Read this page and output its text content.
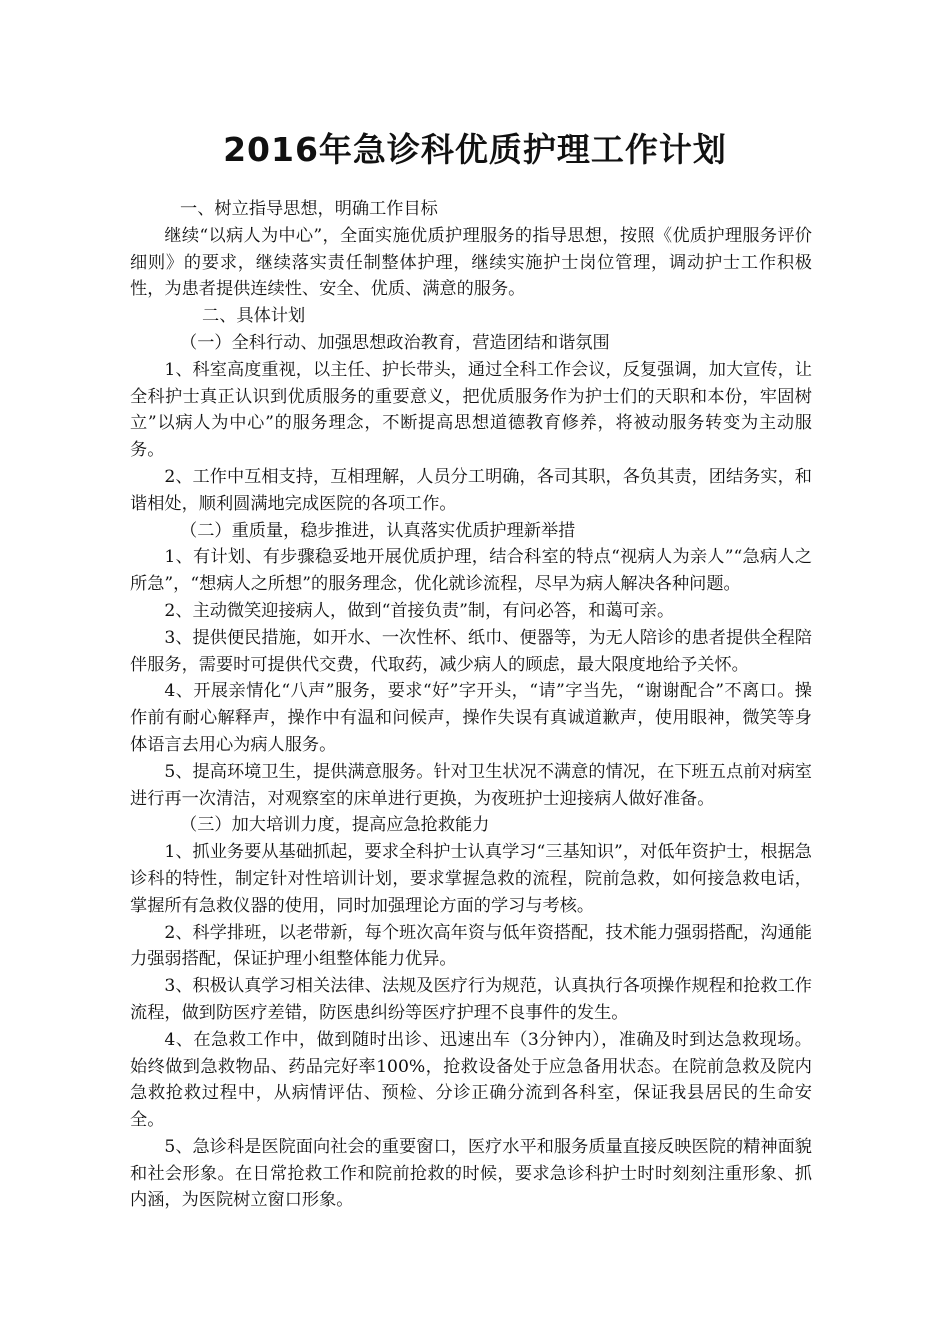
2016年急诊科优质护理工作计划

一、树立指导思想，明确工作目标

继续“以病人为中心”，全面实施优质护理服务的指导思想，按照《优质护理服务评价细则》的要求，继续落实责任制整体护理，继续实施护士岗位管理，调动护士工作积极性，为患者提供连续性、安全、优质、满意的服务。

二、具体计划

（一）全科行动、加强思想政治教育，营造团结和谐氛围

1、科室高度重视，以主任、护长带头，通过全科工作会议，反复强调，加大宣传，让全科护士真正认识到优质服务的重要意义，把优质服务作为护士们的天职和本份，牢固树立”以病人为中心”的服务理念，不断提高思想道德教育修养，将被动服务转变为主动服务。

2、工作中互相支持，互相理解，人员分工明确，各司其职，各负其责，团结务实，和谐相处，顺利圆满地完成医院的各项工作。

（二）重质量，稳步推进，认真落实优质护理新举措

1、有计划、有步骤稳妥地开展优质护理，结合科室的特点“视病人为亲人”“急病人之所急”，“想病人之所想”的服务理念，优化就诊流程，尽早为病人解决各种问题。

2、主动微笑迎接病人，做到“首接负责”制，有问必答，和蔼可亲。

3、提供便民措施，如开水、一次性杯、纸巾、便器等，为无人陪诊的患者提供全程陪伴服务，需要时可提供代交费，代取药，减少病人的顾虑，最大限度地给予关怀。

4、开展亲情化“八声”服务，要求“好”字开头，“请”字当先，“谢谢配合”不离口。操作前有耐心解释声，操作中有温和问候声，操作失误有真诚道歉声，使用眼神，微笑等身体语言去用心为病人服务。

5、提高环境卫生，提供满意服务。针对卫生状况不满意的情况，在下班五点前对病室进行再一次清洁，对观察室的床单进行更换，为夜班护士迎接病人做好准备。

（三）加大培训力度，提高应急抢救能力

1、抓业务要从基础抓起，要求全科护士认真学习“三基知识”，对低年资护士，根据急诊科的特性，制定针对性培训计划，要求掌握急救的流程，院前急救，如何接急救电话，掌握所有急救仪器的使用，同时加强理论方面的学习与考核。

2、科学排班，以老带新，每个班次高年资与低年资搭配，技术能力强弱搭配，沟通能力强弱搭配，保证护理小组整体能力优异。

3、积极认真学习相关法律、法规及医疗行为规范，认真执行各项操作规程和抢救工作流程，做到防医疗差错，防医患纠纷等医疗护理不良事件的发生。

4、在急救工作中，做到随时出诊、迅速出车（3分钟内），准确及时到达急救现场。始终做到急救物品、药品完好率100%，抢救设备处于应急备用状态。在院前急救及院内急救抢救过程中，从病情评估、预检、分诊正确分流到各科室，保证我县居民的生命安全。

5、急诊科是医院面向社会的重要窗口，医疗水平和服务质量直接反映医院的精神面貌和社会形象。在日常抢救工作和院前抢救的时候，要求急诊科护士时时刻刻注重形象、抓内涵，为医院树立窗口形象。
